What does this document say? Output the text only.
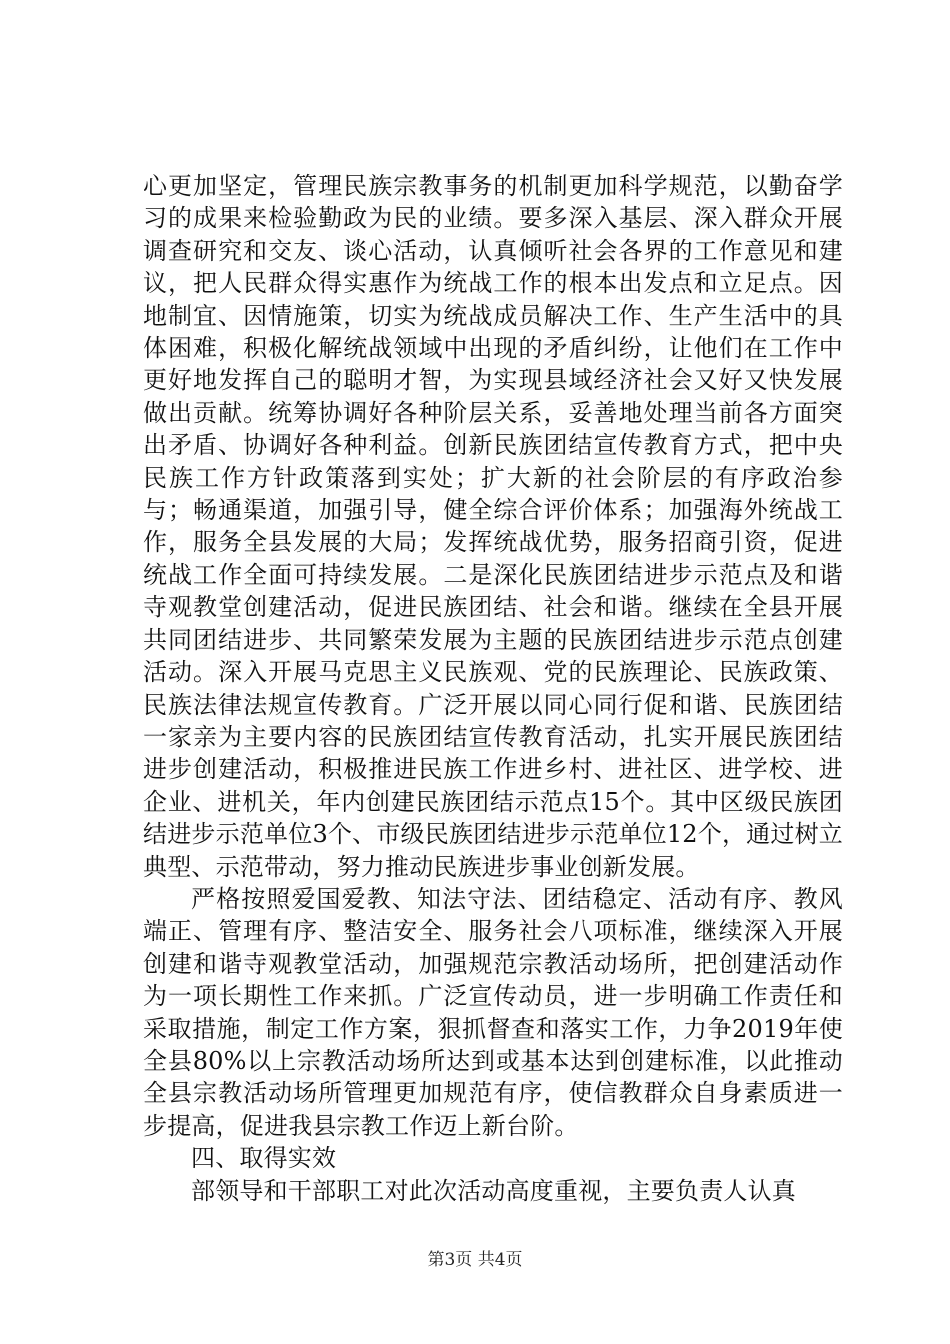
心更加坚定，管理民族宗教事务的机制更加科学规范，以勤奋学习的成果来检验勤政为民的业绩。要多深入基层、深入群众开展调查研究和交友、谈心活动，认真倾听社会各界的工作意见和建议，把人民群众得实惠作为统战工作的根本出发点和立足点。因地制宜、因情施策，切实为统战成员解决工作、生产生活中的具体困难，积极化解统战领域中出现的矛盾纠纷，让他们在工作中更好地发挥自己的聪明才智，为实现县域经济社会又好又快发展做出贡献。统筹协调好各种阶层关系，妥善地处理当前各方面突出矛盾、协调好各种利益。创新民族团结宣传教育方式，把中央民族工作方针政策落到实处；扩大新的社会阶层的有序政治参与；畅通渠道，加强引导，健全综合评价体系；加强海外统战工作，服务全县发展的大局；发挥统战优势，服务招商引资，促进统战工作全面可持续发展。二是深化民族团结进步示范点及和谐寺观教堂创建活动，促进民族团结、社会和谐。继续在全县开展共同团结进步、共同繁荣发展为主题的民族团结进步示范点创建活动。深入开展马克思主义民族观、党的民族理论、民族政策、民族法律法规宣传教育。广泛开展以同心同行促和谐、民族团结一家亲为主要内容的民族团结宣传教育活动，扎实开展民族团结进步创建活动，积极推进民族工作进乡村、进社区、进学校、进企业、进机关，年内创建民族团结示范点15个。其中区级民族团结进步示范单位3个、市级民族团结进步示范单位12个，通过树立典型、示范带动，努力推动民族进步事业创新发展。

严格按照爱国爱教、知法守法、团结稳定、活动有序、教风端正、管理有序、整洁安全、服务社会八项标准，继续深入开展创建和谐寺观教堂活动，加强规范宗教活动场所，把创建活动作为一项长期性工作来抓。广泛宣传动员，进一步明确工作责任和采取措施，制定工作方案，狠抓督查和落实工作，力争2019年使全县80%以上宗教活动场所达到或基本达到创建标准，以此推动全县宗教活动场所管理更加规范有序，使信教群众自身素质进一步提高，促进我县宗教工作迈上新台阶。

四、取得实效

部领导和干部职工对此次活动高度重视，主要负责人认真

第3页 共4页
